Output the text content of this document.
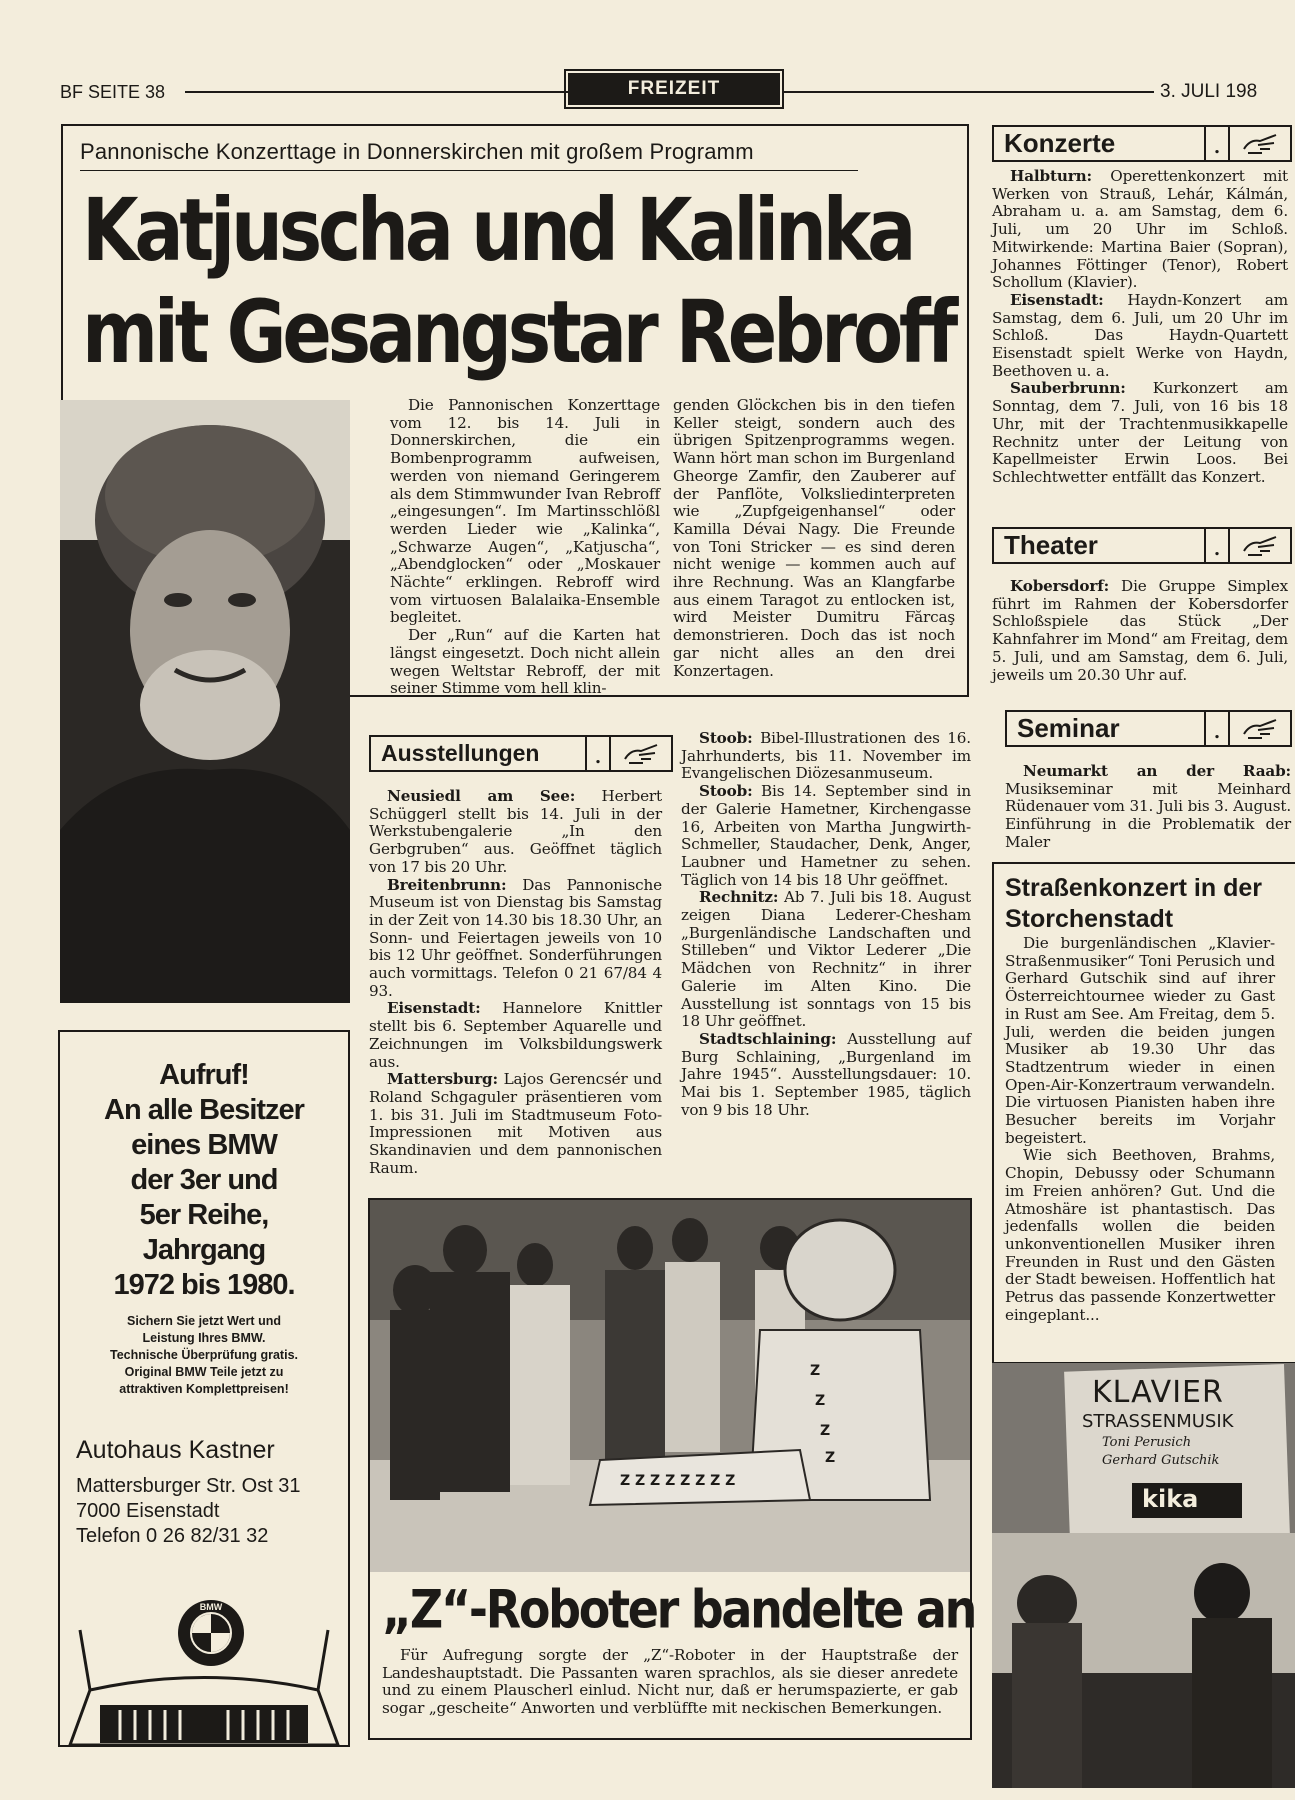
BF SEITE 38	FREIZEIT	3. JULI 198
Pannonische Konzerttage in Donnerskirchen mit großem Programm
Katjuscha und Kalinka
mit Gesangstar Rebroff

Die Pannonischen Konzerttage vom 12. bis 14. Juli in Donnerskirchen, die ein Bombenprogramm aufweisen, werden von niemand Geringerem als dem Stimmwunder Ivan Rebroff „eingesungen“. Im Martinsschlößl werden Lieder wie „Kalinka“, „Schwarze Augen“, „Katjuscha“, „Abendglocken“ oder „Moskauer Nächte“ erklingen. Rebroff wird vom virtuosen Balalaika-Ensemble begleitet.

Der „Run“ auf die Karten hat längst eingesetzt. Doch nicht allein wegen Weltstar Rebroff, der mit seiner Stimme vom hell klin-

genden Glöckchen bis in den tiefen Keller steigt, sondern auch des übrigen Spitzenprogramms wegen. Wann hört man schon im Burgenland Gheorge Zamfir, den Zauberer auf der Panflöte, Volksliedinterpreten wie „Zupfgeigenhansel“ oder Kamilla Dévai Nagy. Die Freunde von Toni Stricker — es sind deren nicht wenige — kommen auch auf ihre Rechnung. Was an Klangfarbe aus einem Taragot zu entlocken ist, wird Meister Dumitru Fărcaş demonstrieren. Doch das ist noch gar nicht alles an den drei Konzertagen.

Konzerte	.

Halbturn: Operettenkonzert mit Werken von Strauß, Lehár, Kálmán, Abraham u. a. am Samstag, dem 6. Juli, um 20 Uhr im Schloß. Mitwirkende: Martina Baier (Sopran), Johannes Föttinger (Tenor), Robert Schollum (Klavier).

Eisenstadt: Haydn-Konzert am Samstag, dem 6. Juli, um 20 Uhr im Schloß. Das Haydn-Quartett Eisenstadt spielt Werke von Haydn, Beethoven u. a.

Sauberbrunn: Kurkonzert am Sonntag, dem 7. Juli, von 16 bis 18 Uhr, mit der Trachtenmusikkapelle Rechnitz unter der Leitung von Kapellmeister Erwin Loos. Bei Schlechtwetter entfällt das Konzert.

Theater	.

Kobersdorf: Die Gruppe Simplex führt im Rahmen der Kobersdorfer Schloßspiele das Stück „Der Kahnfahrer im Mond“ am Freitag, dem 5. Juli, und am Samstag, dem 6. Juli, jeweils um 20.30 Uhr auf.

Seminar	.

Neumarkt an der Raab: Musikseminar mit Meinhard Rüdenauer vom 31. Juli bis 3. August. Einführung in die Problematik der Maler

Straßenkonzert in der Storchenstadt

Die burgenländischen „Klavier-Straßenmusiker“ Toni Perusich und Gerhard Gutschik sind auf ihrer Österreichtournee wieder zu Gast in Rust am See. Am Freitag, dem 5. Juli, werden die beiden jungen Musiker ab 19.30 Uhr das Stadtzentrum wieder in einen Open-Air-Konzertraum verwandeln. Die virtuosen Pianisten haben ihre Besucher bereits im Vorjahr begeistert.

Wie sich Beethoven, Brahms, Chopin, Debussy oder Schumann im Freien anhören? Gut. Und die Atmoshäre ist phantastisch. Das jedenfalls wollen die beiden unkonventionellen Musiker ihren Freunden in Rust und den Gästen der Stadt beweisen. Hoffentlich hat Petrus das passende Konzertwetter eingeplant...

KLAVIER
STRASSENMUSIK
Toni Perusich
Gerhard Gutschik
kika
Ausstellungen	.

Neusiedl am See: Herbert Schüggerl stellt bis 14. Juli in der Werkstubengalerie „In den Gerbgruben“ aus. Geöffnet täglich von 17 bis 20 Uhr.

Breitenbrunn: Das Pannonische Museum ist von Dienstag bis Samstag in der Zeit von 14.30 bis 18.30 Uhr, an Sonn- und Feiertagen jeweils von 10 bis 12 Uhr geöffnet. Sonderführungen auch vormittags. Telefon 0 21 67/84 4 93.

Eisenstadt: Hannelore Knittler stellt bis 6. September Aquarelle und Zeichnungen im Volksbildungswerk aus.

Mattersburg: Lajos Gerencsér und Roland Schgaguler präsentieren vom 1. bis 31. Juli im Stadtmuseum Foto-Impressionen mit Motiven aus Skandinavien und dem pannonischen Raum.

Stoob: Bibel-Illustrationen des 16. Jahrhunderts, bis 11. November im Evangelischen Diözesanmuseum.

Stoob: Bis 14. September sind in der Galerie Hametner, Kirchengasse 16, Arbeiten von Martha Jungwirth-Schmeller, Staudacher, Denk, Anger, Laubner und Hametner zu sehen. Täglich von 14 bis 18 Uhr geöffnet.

Rechnitz: Ab 7. Juli bis 18. August zeigen Diana Lederer-Chesham „Burgenländische Landschaften und Stilleben“ und Viktor Lederer „Die Mädchen von Rechnitz“ in ihrer Galerie im Alten Kino. Die Ausstellung ist sonntags von 15 bis 18 Uhr geöffnet.

Stadtschlaining: Ausstellung auf Burg Schlaining, „Burgenland im Jahre 1945“. Ausstellungsdauer: 10. Mai bis 1. September 1985, täglich von 9 bis 18 Uhr.

Z
Z
Z
Z
Z Z Z Z Z Z Z Z
„Z“-Roboter bandelte an

Für Aufregung sorgte der „Z“-Roboter in der Hauptstraße der Landeshauptstadt. Die Passanten waren sprachlos, als sie dieser anredete und zu einem Plauscherl einlud. Nicht nur, daß er herumspazierte, er gab sogar „gescheite“ Anworten und verblüffte mit neckischen Bemerkungen.

Aufruf!
An alle Besitzer
eines BMW
der 3er und
5er Reihe,
Jahrgang
1972 bis 1980.
Sichern Sie jetzt Wert und
Leistung Ihres BMW.
Technische Überprüfung gratis.
Original BMW Teile jetzt zu
attraktiven Komplettpreisen!
Autohaus Kastner
Mattersburger Str. Ost 31
7000 Eisenstadt
Telefon 0 26 82/31 32
BMW
